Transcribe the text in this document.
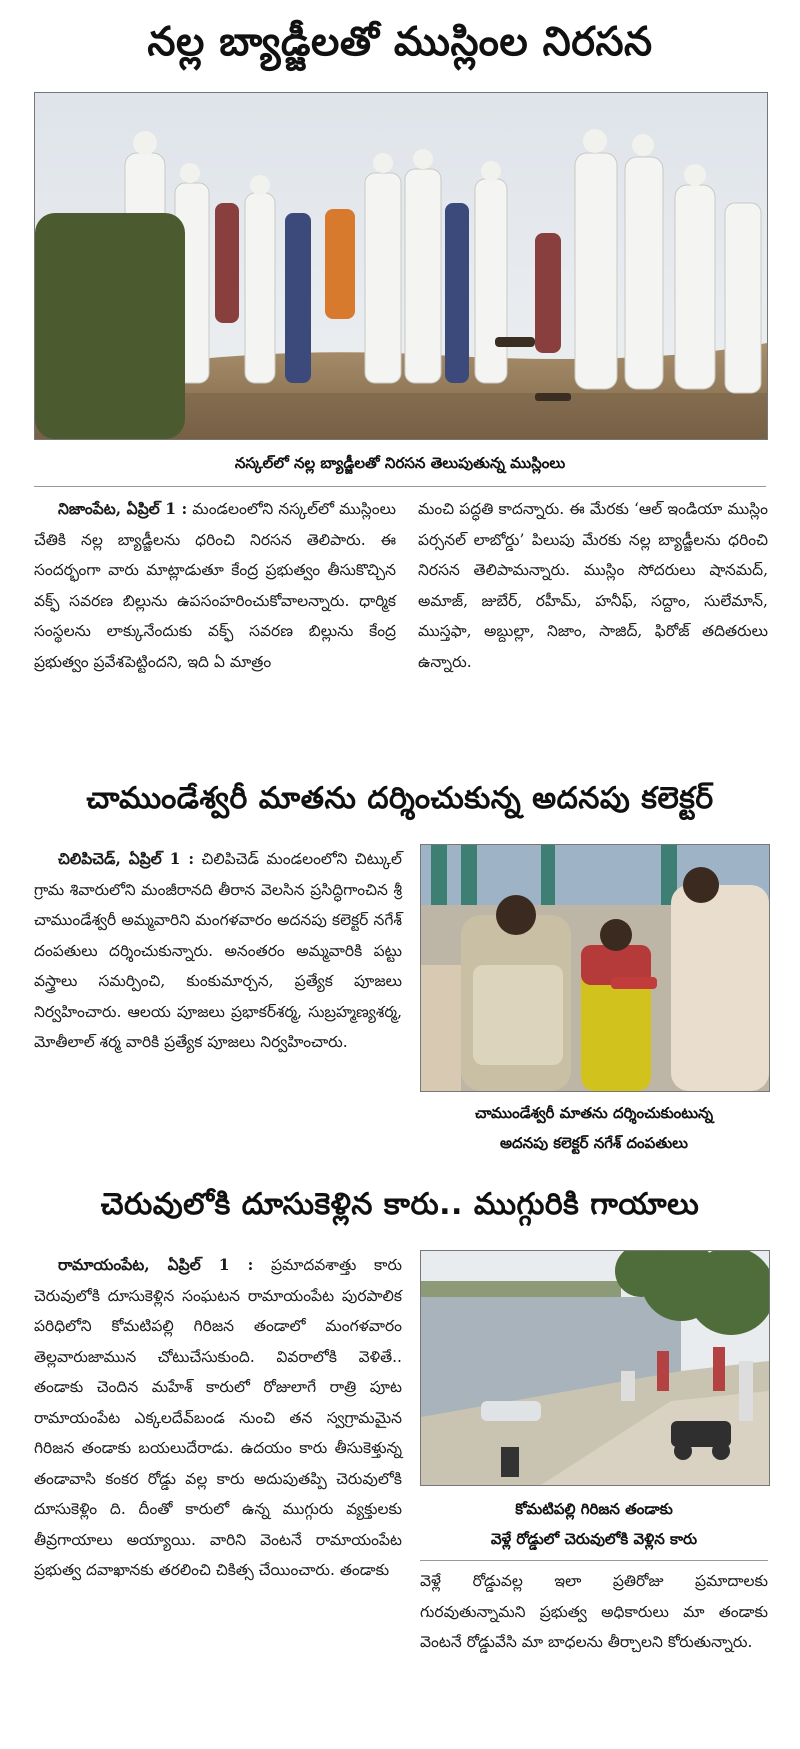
నల్ల బ్యాడ్జీలతో ముస్లింల నిరసన
నస్కల్‌లో నల్ల బ్యాడ్జీలతో నిరసన తెలుపుతున్న ముస్లింలు

నిజాంపేట, ఏప్రిల్ 1 : మండలంలోని నస్కల్‌లో ముస్లింలు చేతికి నల్ల బ్యాడ్జీలను ధరించి నిరసన తెలిపారు. ఈ సందర్భంగా వారు మాట్లాడుతూ కేంద్ర ప్రభుత్వం తీసుకొచ్చిన వక్ఫ్ సవరణ బిల్లును ఉపసంహరించుకోవాలన్నారు. ధార్మిక సంస్థలను లాక్కునేందుకు వక్ఫ్ సవరణ బిల్లును కేంద్ర ప్రభుత్వం ప్రవేశపెట్టిందని, ఇది ఏ మాత్రం

మంచి పద్ధతి కాదన్నారు. ఈ మేరకు ‘ఆల్ ఇండియా ముస్లిం పర్సనల్ లాబోర్డు’ పిలుపు మేరకు నల్ల బ్యాడ్జీలను ధరించి నిరసన తెలిపామన్నారు. ముస్లిం సోదరులు షానమద్, అమాజ్, జుబేర్, రహీమ్, హనీఫ్, సద్దాం, సులేమాన్, ముస్తఫా, అబ్దుల్లా, నిజాం, సాజిద్, ఫిరోజ్ తదితరులు ఉన్నారు.

చాముండేశ్వరీ మాతను దర్శించుకున్న అదనపు కలెక్టర్

చిలిపిచెడ్, ఏప్రిల్ 1 : చిలిపిచెడ్ మండలంలోని చిట్కుల్ గ్రామ శివారులోని మంజీరానది తీరాన వెలసిన ప్రసిద్ధిగాంచిన శ్రీ చాముండేశ్వరీ అమ్మవారిని మంగళవారం అదనపు కలెక్టర్ నగేశ్ దంపతులు దర్శించుకున్నారు. అనంతరం అమ్మవారికి పట్టు వస్త్రాలు సమర్పించి, కుంకుమార్చన, ప్రత్యేక పూజలు నిర్వహించారు. ఆలయ పూజలు ప్రభాకర్‌శర్మ, సుబ్రహ్మణ్యశర్మ, మోతీలాల్ శర్మ వారికి ప్రత్యేక పూజలు నిర్వహించారు.

చాముండేశ్వరీ మాతను దర్శించుకుంటున్న
అదనపు కలెక్టర్ నగేశ్ దంపతులు
చెరువులోకి దూసుకెళ్లిన కారు.. ముగ్గురికి గాయాలు

రామాయంపేట, ఏప్రిల్ 1 : ప్రమాదవశాత్తు కారు చెరువులోకి దూసుకెళ్లిన సంఘటన రామాయంపేట పురపాలిక పరిధిలోని కోమటిపల్లి గిరిజన తండాలో మంగళవారం తెల్లవారుజామున చోటుచేసుకుంది. వివరాలోకి వెళితే.. తండాకు చెందిన మహేశ్ కారులో రోజులాగే రాత్రి పూట రామాయంపేట ఎక్కలదేవ్‌బండ నుంచి తన స్వగ్రామమైన గిరిజన తండాకు బయలుదేరాడు. ఉదయం కారు తీసుకెళ్తున్న తండావాసి కంకర రోడ్డు వల్ల కారు అదుపుతప్పి చెరువులోకి దూసుకెళ్లిం ది. దీంతో కారులో ఉన్న ముగ్గురు వ్యక్తులకు తీవ్రగాయాలు అయ్యాయి. వారిని వెంటనే రామాయంపేట ప్రభుత్వ దవాఖానకు తరలించి చికిత్స చేయించారు. తండాకు

కోమటిపల్లి గిరిజన తండాకు
వెళ్లే రోడ్డులో చెరువులోకి వెళ్లిన కారు

వెళ్లే రోడ్డువల్ల ఇలా ప్రతిరోజు ప్రమాదాలకు గురవుతున్నామని ప్రభుత్వ అధికారులు మా తండాకు వెంటనే రోడ్డువేసి మా బాధలను తీర్చాలని కోరుతున్నారు.
